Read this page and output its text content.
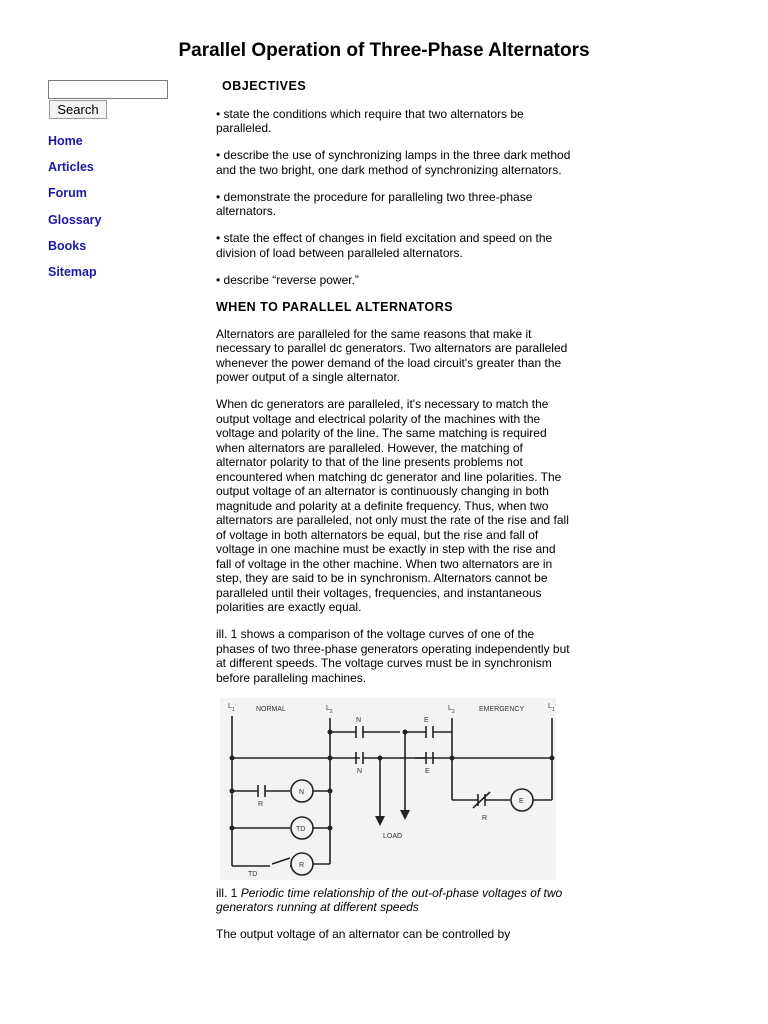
Parallel Operation of Three-Phase Alternators
Search
Home
Articles
Forum
Glossary
Books
Sitemap

OBJECTIVES

• state the conditions which require that two alternators be paralleled.

• describe the use of synchronizing lamps in the three dark method and the two bright, one dark method of synchronizing alternators.

• demonstrate the procedure for paralleling two three-phase alternators.

• state the effect of changes in field excitation and speed on the division of load between paralleled alternators.

• describe “reverse power.”

WHEN TO PARALLEL ALTERNATORS

Alternators are paralleled for the same reasons that make it necessary to parallel dc generators. Two alternators are paralleled whenever the power demand of the load circuit's greater than the power output of a single alternator.

When dc generators are paralleled, it's necessary to match the output voltage and electrical polarity of the machines with the voltage and polarity of the line. The same matching is required when alternators are paralleled. However, the matching of alternator polarity to that of the line presents problems not encountered when matching dc generator and line polarities. The output voltage of an alternator is continuously changing in both magnitude and polarity at a definite frequency. Thus, when two alternators are paralleled, not only must the rate of the rise and fall of voltage in both alternators be equal, but the rise and fall of voltage in one machine must be exactly in step with the rise and fall of voltage in the other machine. When two alternators are in step, they are said to be in synchronism. Alternators cannot be paralleled until their voltages, frequencies, and instantaneous polarities are exactly equal.

ill. 1 shows a comparison of the voltage curves of one of the phases of two three-phase generators operating independently but at different speeds. The voltage curves must be in synchronism before paralleling machines.

$L_1$	NORMAL	$L_2$	EMERGENCY
$L_2$
$L_1$
N
N
E
E
R
N
TD
R
TD
LOAD
R
E

ill. 1 Periodic time relationship of the out-of-phase voltages of two generators running at different speeds

The output voltage of an alternator can be controlled by
